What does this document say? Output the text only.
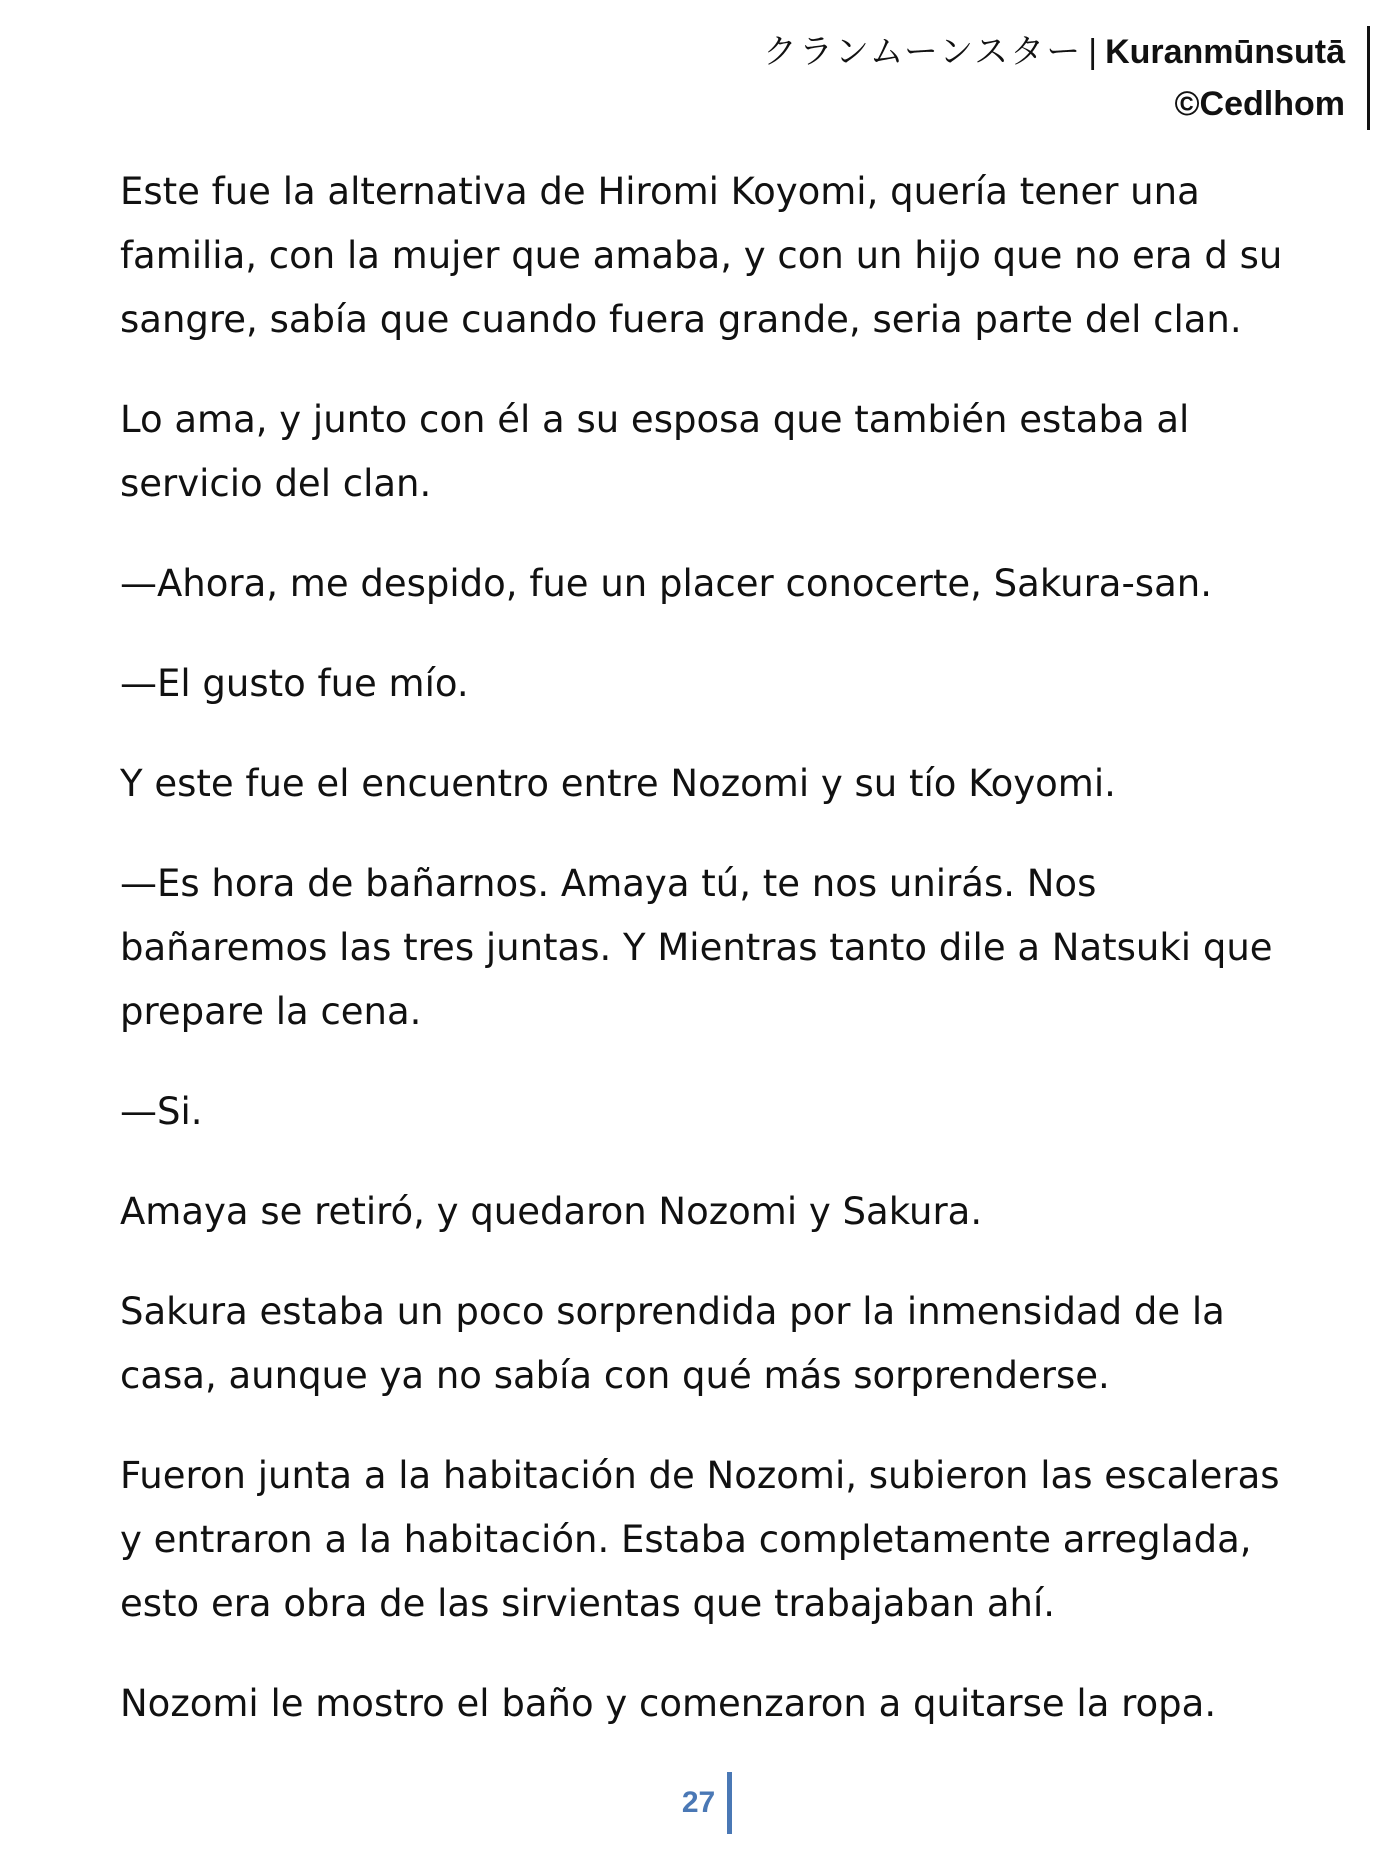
クランムーンスター | Kuranmūnsutā
©Cedlhom

Este fue la alternativa de Hiromi Koyomi, quería tener una familia, con la mujer que amaba, y con un hijo que no era d su sangre, sabía que cuando fuera grande, seria parte del clan.

Lo ama, y junto con él a su esposa que también estaba al servicio del clan.

—Ahora, me despido, fue un placer conocerte, Sakura-san.

—El gusto fue mío.

Y este fue el encuentro entre Nozomi y su tío Koyomi.

—Es hora de bañarnos. Amaya tú, te nos unirás. Nos bañaremos las tres juntas. Y Mientras tanto dile a Natsuki que prepare la cena.

—Si.

Amaya se retiró, y quedaron Nozomi y Sakura.

Sakura estaba un poco sorprendida por la inmensidad de la casa, aunque ya no sabía con qué más sorprenderse.

Fueron junta a la habitación de Nozomi, subieron las escaleras y entraron a la habitación. Estaba completamente arreglada, esto era obra de las sirvientas que trabajaban ahí.

Nozomi le mostro el baño y comenzaron a quitarse la ropa.

27
